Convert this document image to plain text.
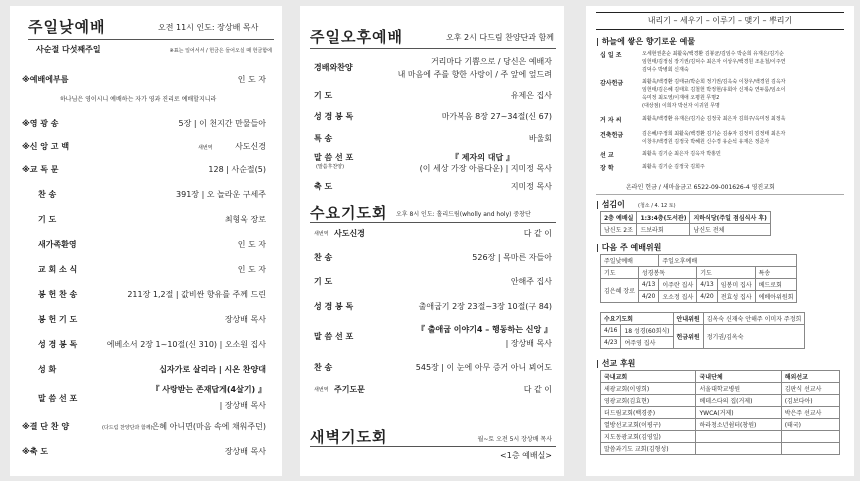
주일낮예배	오전 11시 인도: 장상배 목사
사순절 다섯째주일	※표는 일어서서 / 헌금은 들어오실 때 헌금함에
※예배에부름	인 도 자
하나님은 영이시니 예배하는 자가 영과 진리로 예배할지니라
※영 광 송	5장 | 이 천지간 만물들아
※신 앙 고 백	새번역	사도신경
※교 독 문	128 | 사순절(5)
찬 송	391장 | 오 놀라운 구세주
기 도	최형욱 장로
새가족환영	인 도 자
교 회 소 식	인 도 자
봉 헌 찬 송	211장 1,2절 | 값비싼 향유를 주께 드린
봉 헌 기 도	장상배 목사
성 경 봉 독	에베소서 2장 1~10절(신 310) | 오소원 집사
성 화	십자가로 살리라 | 시온 찬양대
말 씀 선 포
『 사랑받는 존재답게(4살기) 』
| 장상배 목사
※결 단 찬 양	(다드림 찬양단과 함께) 은혜 아니면(마음 속에 채워주던)
※축 도	장상배 목사
주일오후예배	오후 2시 다드림 찬양단과 함께
경배와찬양
거리마다 기쁨으로 / 당신은 예배자
내 마음에 주를 향한 사랑이 / 주 앞에 엎드려
기 도	유제은 집사
성 경 봉 독	마가복음 8장 27~34절(신 67)
특 송	바울회
말 씀 선 포
(말씀후찬양)
『 제자의 대답 』
(이 세상 가장 아름다운) | 지미정 목사
축 도	지미정 목사
수요기도회 오후 8시 인도: 홀리드림(wholly and holy) 중창단
새번역 사도신경	다 같 이
찬 송	526장 | 목마른 자들아
기 도	안해주 집사
성 경 봉 독	출애굽기 2장 23절~3장 10절(구 84)
말 씀 선 포
『 출애굽 이야기4 – 행동하는 신앙 』
| 장상배 목사
찬 송	545장 | 이 눈에 아무 증거 아니 뵈어도
새번역 주기도문	다 같 이
새벽기도회	월~토 오전 5시 장상배 목사
<1층 예배실>
내리기 – 세우기 – 이루기 – 맺기 – 뿌리기
| 하늘에 쌓은 향기로운 예물
십 일 조	오세현권훈순 최활욱/백경환 김봉균/김임수 박순희 유재은/김기순
임헌태/김정심 장기권/김덕수 최은자 이상우/백경원 조운철/이주연
김덕수 박병회 신재숙
감사헌금	최활욱/백경환 김태규/박순희 정기권/김옥숙 이창우/백경원 김옥자
임헌태/김은혜 김태호 김철헌 박정현/유회아 신재숙 연두룸/임소이
옥미정 최도영/이재애 오평원 무명2
(대상점) 이희자 박선자 이귀원 무명
거 자 씨	최활욱/백경환 유재은/김기순 김정국 최은자 김희주/옥미정 최정욱
건축헌금	김은혜/주정희 최활욱/백경환 김기순 김송자 김정미 김정태 최은자
이창우/백경원 김정국 박혜원 신수경 유순석 유재은 정준자
선 교	최활욱 김기순 최은자 김옥자 박홍민
장 학	최활욱 김기순 김정국 김희주
온라인 헌금 / 새마을금고 6522-09-001626-4 영진교회
| 섬김이	(청소 / 4. 12 토)
2층 예배실	1:3:4층(도서관)	지하식당(주일 점심식사 후)
남신도 2조	드보라회	남신도 전체
| 다음 주 예배위원
주일낮예배		주일오후예배			
기도	성경봉독		기도		특송
김은혜 장로	4/13	이주란 집사	4/13	임봉미 집사	베드로회
	4/20	오소정 집사	4/20	전효성 집사	에베아위원회
수요기도회		안내위원	김옥숙 신재숙 안해주 이미자 주정희
4/16	18 성경(60회식)	헌금위원	정기권/김옥숙
4/23	여주영 집사		
| 선교 후원
국내교회	국내단체	해외선교
세광교회(이영희)	서울대학교병원	김판식 선교사
영광교회(김효현)	베데스다의 집(거제)	(김보다아)
더드림교회(백경중)	YWCA(거제)	박은주 선교사
열방선교교회(이평구)	하라청소년쉼터(창원)	(태국)
지도동광교회(김영일)		
말씀과기도 교회(김형성)		
